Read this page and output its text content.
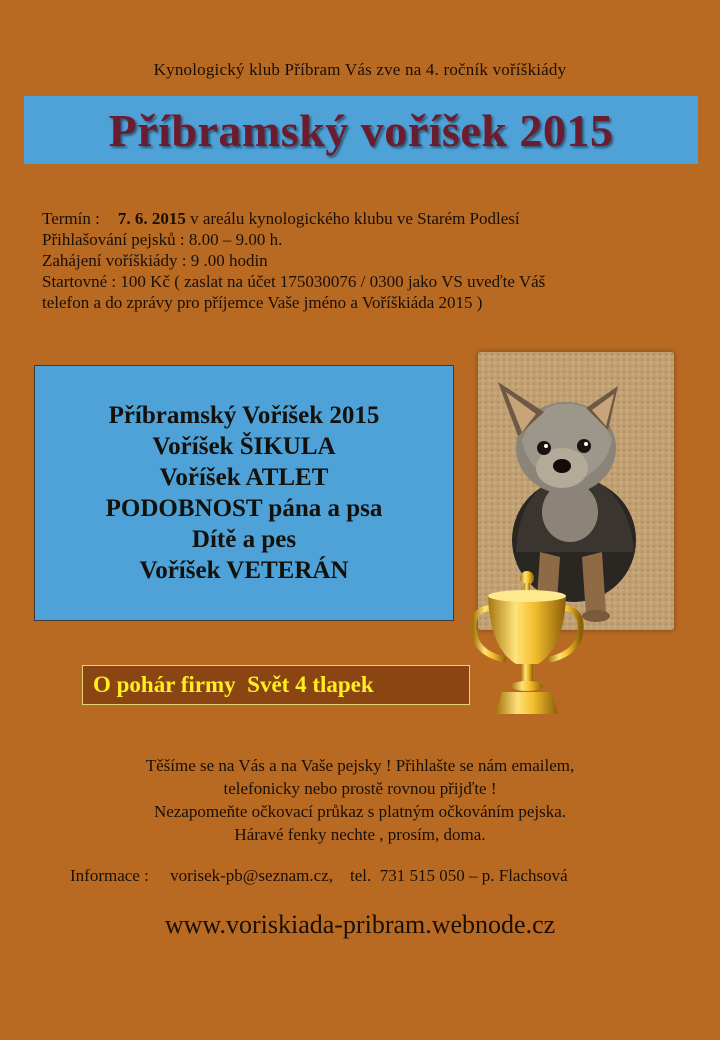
Kynologický klub Příbram Vás zve na 4. ročník voříškiády
Příbramský voříšek 2015
Termín : 7. 6. 2015 v areálu kynologického klubu ve Starém Podlesí
Přihlašování pejsků : 8.00 – 9.00 h.
Zahájení voříškiády : 9 .00 hodin
Startovné : 100 Kč ( zaslat na účet 175030076 / 0300 jako VS uveďte Váš
telefon a do zprávy pro příjemce Vaše jméno a Voříškiáda 2015 )
Příbramský Voříšek 2015
Voříšek ŠIKULA
Voříšek ATLET
PODOBNOST pána a psa
Dítě a pes
Voříšek VETERÁN
O pohár firmy  Svět 4 tlapek
Těšíme se na Vás a na Vaše pejsky ! Přihlašte se nám emailem,
telefonicky nebo prostě rovnou přijďte !
Nezapomeňte očkovací průkaz s platným očkováním pejska.
Háravé fenky nechte , prosím, doma.
Informace :     vorisek-pb@seznam.cz,    tel.  731 515 050 – p. Flachsová
www.voriskiada-pribram.webnode.cz
